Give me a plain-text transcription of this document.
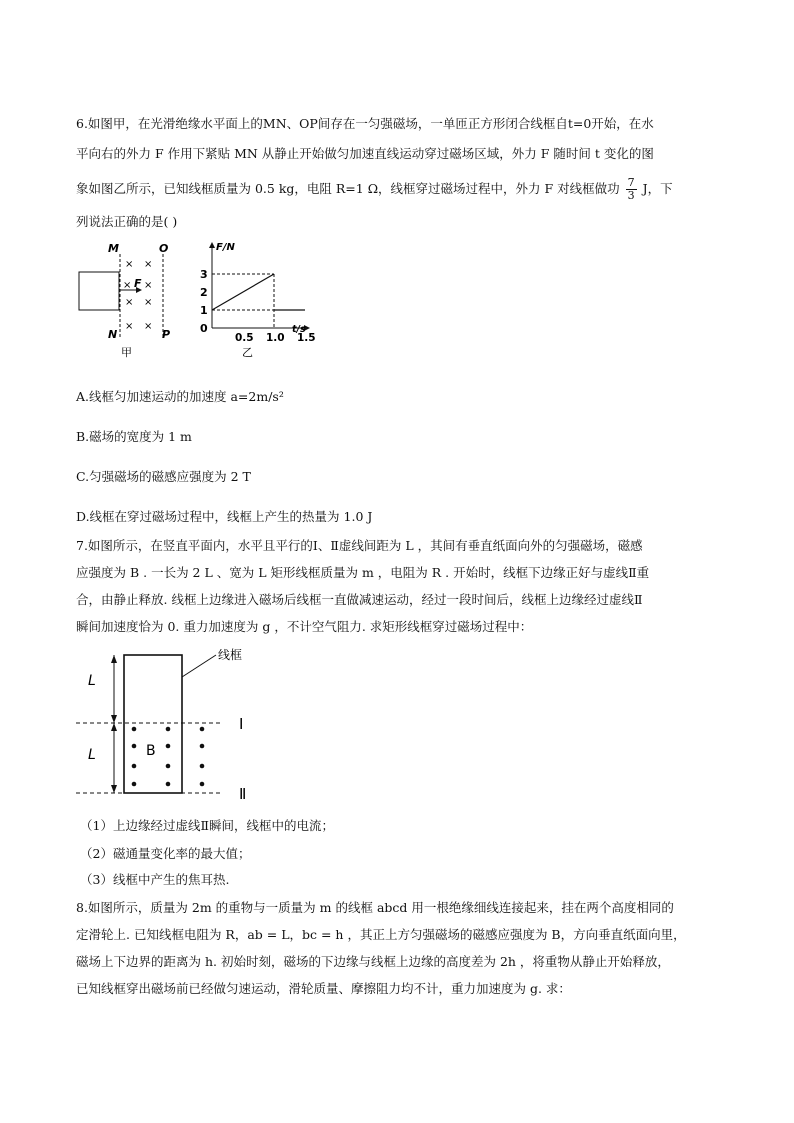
6.如图甲，在光滑绝缘水平面上的MN、OP间存在一匀强磁场，一单匝正方形闭合线框自t=0开始，在水
平向右的外力 F 作用下紧贴 MN 从静止开始做匀加速直线运动穿过磁场区域，外力 F 随时间 t 变化的图
象如图乙所示，已知线框质量为 0.5 kg，电阻 R=1 Ω，线框穿过磁场过程中，外力 F 对线框做功 $\frac{7}{3}$ J，下
列说法正确的是( )
M	O
N	P
F
× ×
× ×
× ×
× ×
甲
F/N
t/s
3
2
1
0
0.5 1.0 1.5
乙
A.线框匀加速运动的加速度 a=2m/s²
B.磁场的宽度为 1 m
C.匀强磁场的磁感应强度为 2 T
D.线框在穿过磁场过程中，线框上产生的热量为 1.0 J
7.如图所示，在竖直平面内，水平且平行的Ⅰ、Ⅱ虚线间距为 L ，其间有垂直纸面向外的匀强磁场，磁感
应强度为 B . 一长为 2 L 、宽为 L 矩形线框质量为 m ，电阻为 R . 开始时，线框下边缘正好与虚线Ⅱ重
合，由静止释放. 线框上边缘进入磁场后线框一直做减速运动，经过一段时间后，线框上边缘经过虚线Ⅱ
瞬间加速度恰为 0. 重力加速度为 g ，不计空气阻力. 求矩形线框穿过磁场过程中：
线框
L
L	B
Ⅰ
Ⅱ
（1）上边缘经过虚线Ⅱ瞬间，线框中的电流；
（2）磁通量变化率的最大值；
（3）线框中产生的焦耳热.
8.如图所示，质量为 2m 的重物与一质量为 m 的线框 abcd 用一根绝缘细线连接起来，挂在两个高度相同的
定滑轮上. 已知线框电阻为 R，ab = L，bc = h ，其正上方匀强磁场的磁感应强度为 B，方向垂直纸面向里，
磁场上下边界的距离为 h. 初始时刻，磁场的下边缘与线框上边缘的高度差为 2h ，将重物从静止开始释放，
已知线框穿出磁场前已经做匀速运动，滑轮质量、摩擦阻力均不计，重力加速度为 g. 求：
